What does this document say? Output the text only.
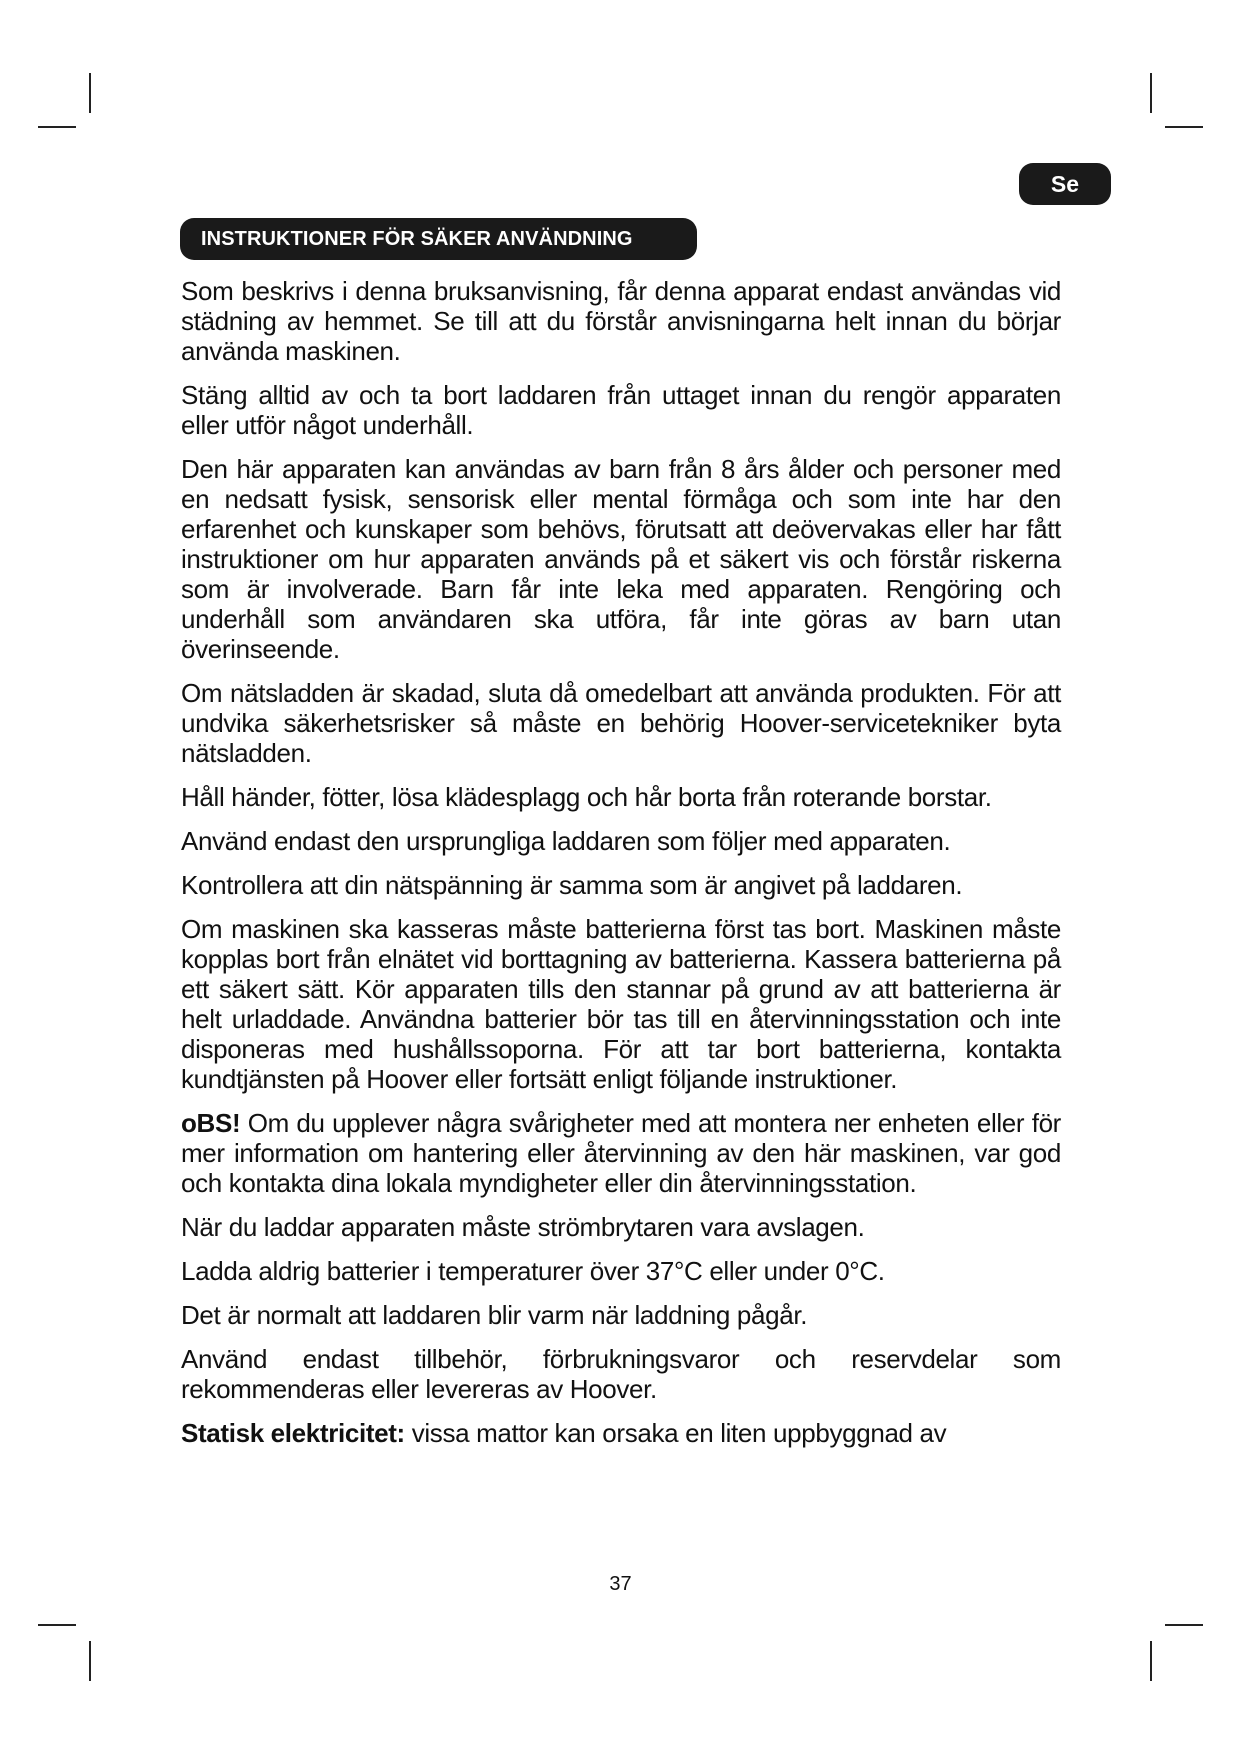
Se
INSTRUKTIONER FÖR SÄKER ANVÄNDNING

Som beskrivs i denna bruksanvisning, får denna apparat endast användas vid städning av hemmet. Se till att du förstår anvisningarna helt innan du börjar använda maskinen.

Stäng alltid av och ta bort laddaren från uttaget innan du rengör apparaten eller utför något underhåll.

Den här apparaten kan användas av barn från 8 års ålder och personer med en nedsatt fysisk, sensorisk eller mental förmåga och som inte har den erfarenhet och kunskaper som behövs, förutsatt att deövervakas eller har fått instruktioner om hur apparaten används på et säkert vis och förstår riskerna som är involverade. Barn får inte leka med apparaten. Rengöring och underhåll som användaren ska utföra, får inte göras av barn utan överinseende.

Om nätsladden är skadad, sluta då omedelbart att använda produkten. För att undvika säkerhetsrisker så måste en behörig Hoover-servicetekniker byta nätsladden.

Håll händer, fötter, lösa klädesplagg och hår borta från roterande borstar.

Använd endast den ursprungliga laddaren som följer med apparaten.

Kontrollera att din nätspänning är samma som är angivet på laddaren.

Om maskinen ska kasseras måste batterierna först tas bort. Maskinen måste kopplas bort från elnätet vid borttagning av batterierna. Kassera batterierna på ett säkert sätt. Kör apparaten tills den stannar på grund av att batterierna är helt urladdade. Användna batterier bör tas till en återvinningsstation och inte disponeras med hushållssoporna. För att tar bort batterierna, kontakta kundtjänsten på Hoover eller fortsätt enligt följande instruktioner.

oBS! Om du upplever några svårigheter med att montera ner enheten eller för mer information om hantering eller återvinning av den här maskinen, var god och kontakta dina lokala myndigheter eller din återvinningsstation.

När du laddar apparaten måste strömbrytaren vara avslagen.

Ladda aldrig batterier i temperaturer över 37°C eller under 0°C.

Det är normalt att laddaren blir varm när laddning pågår.

Använd endast tillbehör, förbrukningsvaror och reservdelar som rekommenderas eller levereras av Hoover.

Statisk elektricitet: vissa mattor kan orsaka en liten uppbyggnad av

37
